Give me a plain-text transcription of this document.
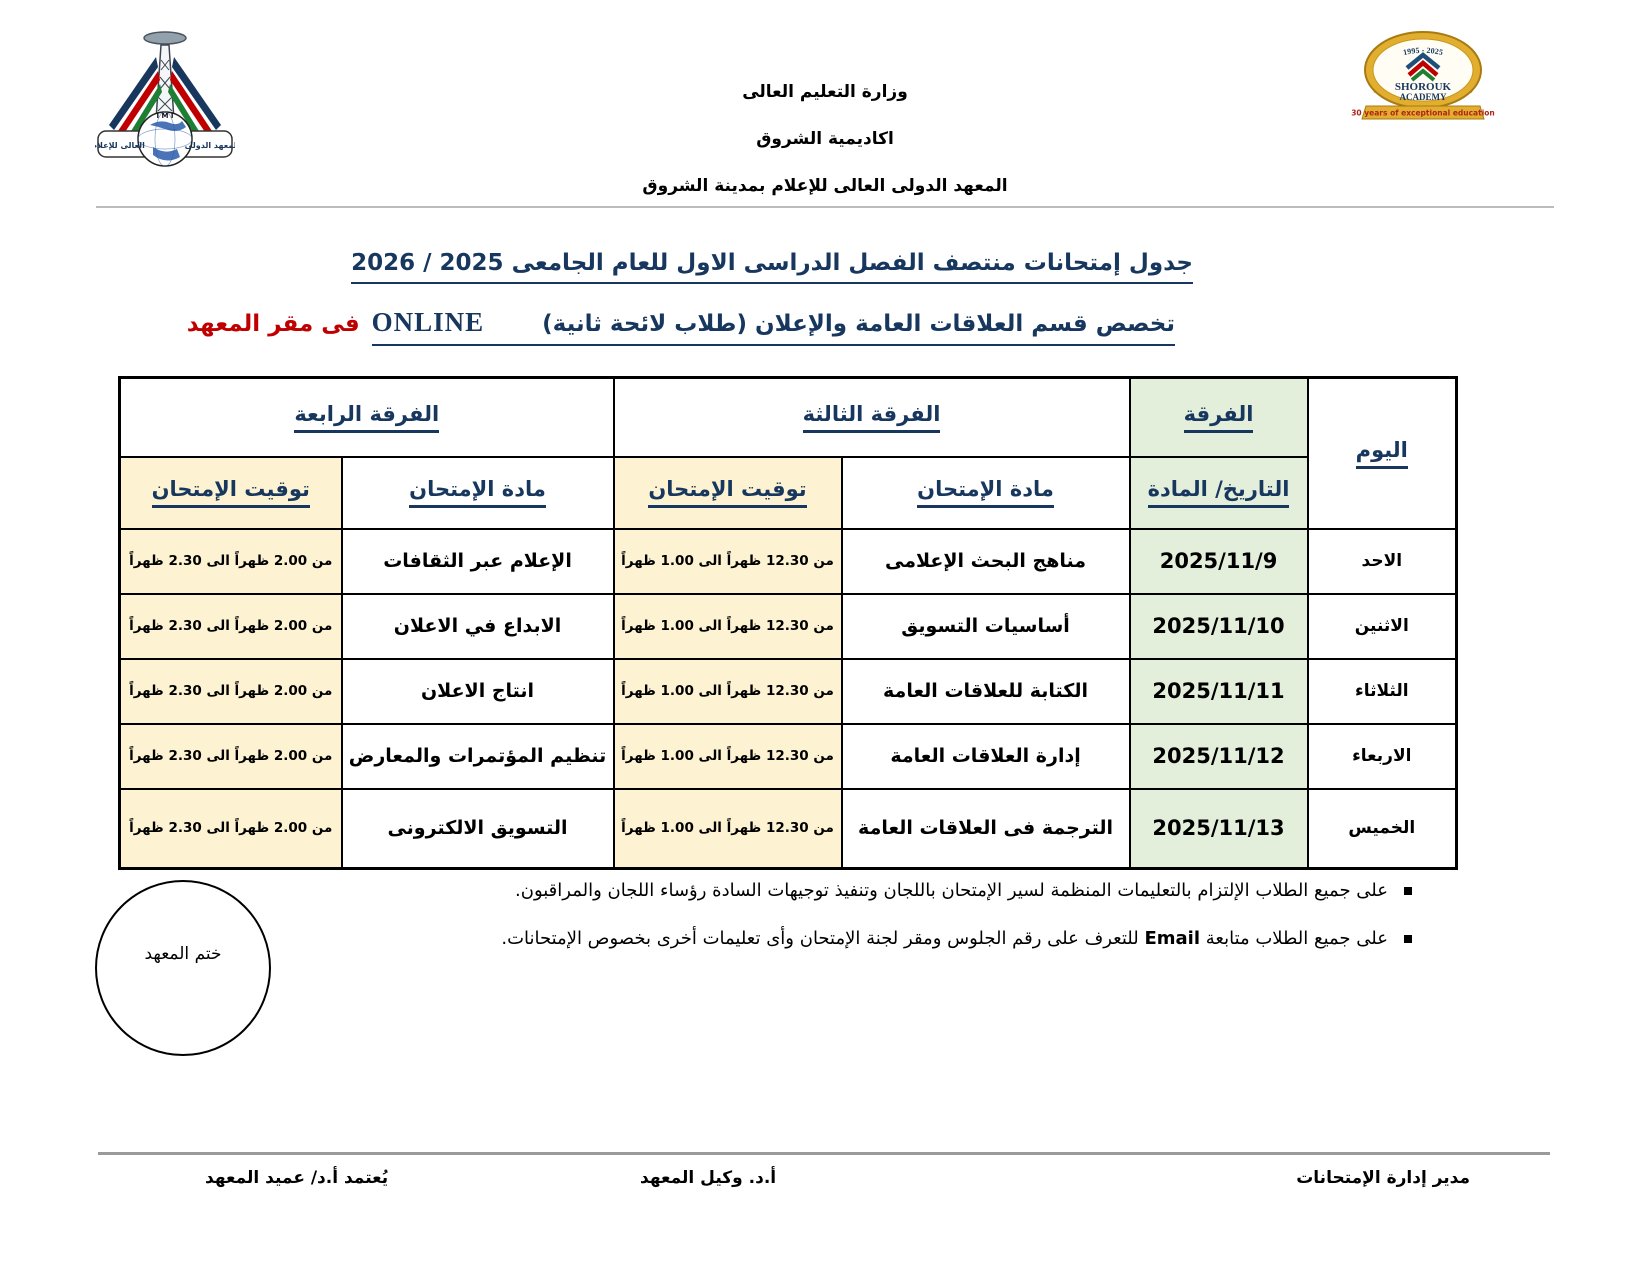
I M I
العالى للإعلام	المعهد الدولى
1995 - 2025
SHOROUK
ACADEMY
30 years of exceptional education
وزارة التعليم العالى
اكاديمية الشروق
المعهد الدولى العالى للإعلام بمدينة الشروق
جدول إمتحانات منتصف الفصل الدراسى الاول للعام الجامعى 2025 / 2026
تخصص قسم العلاقات العامة والإعلان (طلاب لائحة ثانية)ONLINEفى مقر المعهد
اليوم	الفرقة	الفرقة الثالثة		الفرقة الرابعة	
	التاريخ/ المادة	مادة الإمتحان	توقيت الإمتحان	مادة الإمتحان	توقيت الإمتحان
الاحد	2025/11/9	مناهج البحث الإعلامى	من 12.30 ظهراً الى 1.00 ظهراً	الإعلام عبر الثقافات	من 2.00 ظهراً الى 2.30 ظهراً
الاثنين	2025/11/10	أساسيات التسويق	من 12.30 ظهراً الى 1.00 ظهراً	الابداع في الاعلان	من 2.00 ظهراً الى 2.30 ظهراً
الثلاثاء	2025/11/11	الكتابة للعلاقات العامة	من 12.30 ظهراً الى 1.00 ظهراً	انتاج الاعلان	من 2.00 ظهراً الى 2.30 ظهراً
الاربعاء	2025/11/12	إدارة العلاقات العامة	من 12.30 ظهراً الى 1.00 ظهراً	تنظيم المؤتمرات والمعارض	من 2.00 ظهراً الى 2.30 ظهراً
الخميس	2025/11/13	الترجمة فى العلاقات العامة	من 12.30 ظهراً الى 1.00 ظهراً	التسويق الالكترونى	من 2.00 ظهراً الى 2.30 ظهراً
على جميع الطلاب الإلتزام بالتعليمات المنظمة لسير الإمتحان باللجان وتنفيذ توجيهات السادة رؤساء اللجان والمراقبون.
على جميع الطلاب متابعة Email للتعرف على رقم الجلوس ومقر لجنة الإمتحان وأى تعليمات أخرى بخصوص الإمتحانات.
ختم المعهد
مدير إدارة الإمتحانات
أ.د. وكيل المعهد
يُعتمد أ.د/ عميد المعهد
